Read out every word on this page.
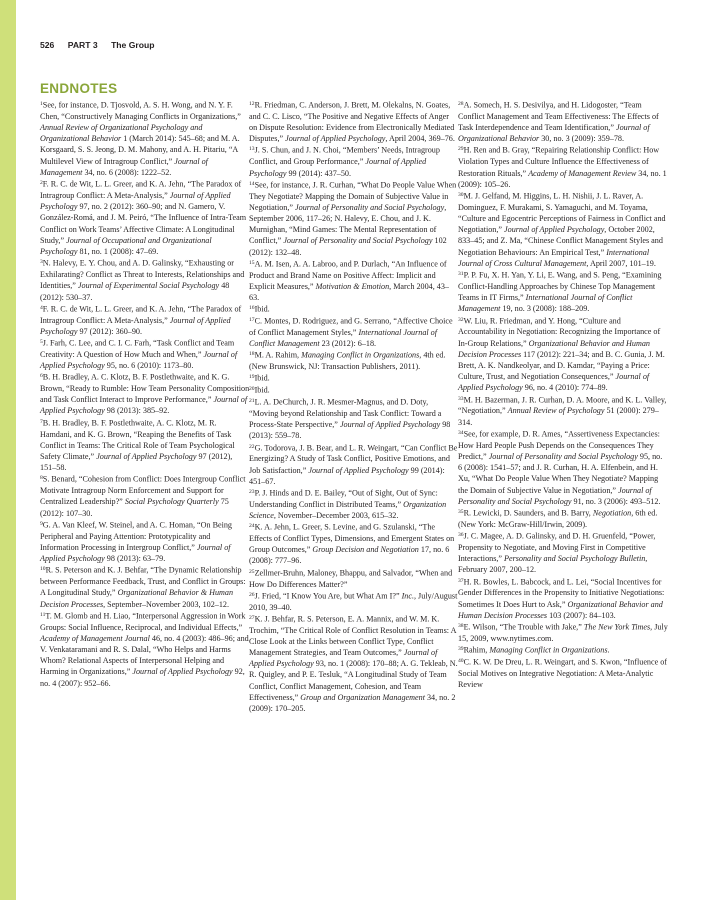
526 PART 3 The Group
ENDNOTES

$^1$See, for instance, D. Tjosvold, A. S. H. Wong, and N. Y. F. Chen, “Constructively Managing Conflicts in Organizations,” Annual Review of Organizational Psychology and Organizational Behavior 1 (March 2014): 545–68; and M. A. Korsgaard, S. S. Jeong, D. M. Mahony, and A. H. Pitariu, “A Multilevel View of Intragroup Conflict,” Journal of Management 34, no. 6 (2008): 1222–52.

$^2$F. R. C. de Wit, L. L. Greer, and K. A. Jehn, “The Paradox of Intragroup Conflict: A Meta-Analysis,” Journal of Applied Psychology 97, no. 2 (2012): 360–90; and N. Gamero, V. González-Romá, and J. M. Peiró, “The Influence of Intra-Team Conflict on Work Teams’ Affective Climate: A Longitudinal Study,” Journal of Occupational and Organizational Psychology 81, no. 1 (2008): 47–69.

$^3$N. Halevy, E. Y. Chou, and A. D. Galinsky, “Exhausting or Exhilarating? Conflict as Threat to Interests, Relationships and Identities,” Journal of Experimental Social Psychology 48 (2012): 530–37.

$^4$F. R. C. de Wit, L. L. Greer, and K. A. Jehn, “The Paradox of Intragroup Conflict: A Meta-Analysis,” Journal of Applied Psychology 97 (2012): 360–90.

$^5$J. Farh, C. Lee, and C. I. C. Farh, “Task Conflict and Team Creativity: A Question of How Much and When,” Journal of Applied Psychology 95, no. 6 (2010): 1173–80.

$^6$B. H. Bradley, A. C. Klotz, B. F. Postlethwaite, and K. G. Brown, “Ready to Rumble: How Team Personality Composition and Task Conflict Interact to Improve Performance,” Journal of Applied Psychology 98 (2013): 385–92.

$^7$B. H. Bradley, B. F. Postlethwaite, A. C. Klotz, M. R. Hamdani, and K. G. Brown, “Reaping the Benefits of Task Conflict in Teams: The Critical Role of Team Psychological Safety Climate,” Journal of Applied Psychology 97 (2012), 151–58.

$^8$S. Benard, “Cohesion from Conflict: Does Intergroup Conflict Motivate Intragroup Norm Enforcement and Support for Centralized Leadership?” Social Psychology Quarterly 75 (2012): 107–30.

$^9$G. A. Van Kleef, W. Steinel, and A. C. Homan, “On Being Peripheral and Paying Attention: Prototypicality and Information Processing in Intergroup Conflict,” Journal of Applied Psychology 98 (2013): 63–79.

$^{10}$R. S. Peterson and K. J. Behfar, “The Dynamic Relationship between Performance Feedback, Trust, and Conflict in Groups: A Longitudinal Study,” Organizational Behavior & Human Decision Processes, September–November 2003, 102–12.

$^{11}$T. M. Glomb and H. Liao, “Interpersonal Aggression in Work Groups: Social Influence, Reciprocal, and Individual Effects,” Academy of Management Journal 46, no. 4 (2003): 486–96; and V. Venkataramani and R. S. Dalal, “Who Helps and Harms Whom? Relational Aspects of Interpersonal Helping and Harming in Organizations,” Journal of Applied Psychology 92, no. 4 (2007): 952–66.

$^{12}$R. Friedman, C. Anderson, J. Brett, M. Olekalns, N. Goates, and C. C. Lisco, “The Positive and Negative Effects of Anger on Dispute Resolution: Evidence from Electronically Mediated Disputes,” Journal of Applied Psychology, April 2004, 369–76.

$^{13}$J. S. Chun, and J. N. Choi, “Members’ Needs, Intragroup Conflict, and Group Performance,” Journal of Applied Psychology 99 (2014): 437–50.

$^{14}$See, for instance, J. R. Curhan, “What Do People Value When They Negotiate? Mapping the Domain of Subjective Value in Negotiation,” Journal of Personality and Social Psychology, September 2006, 117–26; N. Halevy, E. Chou, and J. K. Murnighan, “Mind Games: The Mental Representation of Conflict,” Journal of Personality and Social Psychology 102 (2012): 132–48.

$^{15}$A. M. Isen, A. A. Labroo, and P. Durlach, “An Influence of Product and Brand Name on Positive Affect: Implicit and Explicit Measures,” Motivation & Emotion, March 2004, 43–63.

$^{16}$Ibid.

$^{17}$C. Montes, D. Rodriguez, and G. Serrano, “Affective Choice of Conflict Management Styles,” International Journal of Conflict Management 23 (2012): 6–18.

$^{18}$M. A. Rahim, Managing Conflict in Organizations, 4th ed. (New Brunswick, NJ: Transaction Publishers, 2011).

$^{19}$Ibid.

$^{20}$Ibid.

$^{21}$L. A. DeChurch, J. R. Mesmer-Magnus, and D. Doty, “Moving beyond Relationship and Task Conflict: Toward a Process-State Perspective,” Journal of Applied Psychology 98 (2013): 559–78.

$^{22}$G. Todorova, J. B. Bear, and L. R. Weingart, “Can Conflict Be Energizing? A Study of Task Conflict, Positive Emotions, and Job Satisfaction,” Journal of Applied Psychology 99 (2014): 451–67.

$^{23}$P. J. Hinds and D. E. Bailey, “Out of Sight, Out of Sync: Understanding Conflict in Distributed Teams,” Organization Science, November–December 2003, 615–32.

$^{24}$K. A. Jehn, L. Greer, S. Levine, and G. Szulanski, “The Effects of Conflict Types, Dimensions, and Emergent States on Group Outcomes,” Group Decision and Negotiation 17, no. 6 (2008): 777–96.

$^{25}$Zellmer-Bruhn, Maloney, Bhappu, and Salvador, “When and How Do Differences Matter?”

$^{26}$J. Fried, “I Know You Are, but What Am I?” Inc., July/August 2010, 39–40.

$^{27}$K. J. Behfar, R. S. Peterson, E. A. Mannix, and W. M. K. Trochim, “The Critical Role of Conflict Resolution in Teams: A Close Look at the Links between Conflict Type, Conflict Management Strategies, and Team Outcomes,” Journal of Applied Psychology 93, no. 1 (2008): 170–88; A. G. Tekleab, N. R. Quigley, and P. E. Tesluk, “A Longitudinal Study of Team Conflict, Conflict Management, Cohesion, and Team Effectiveness,” Group and Organization Management 34, no. 2 (2009): 170–205.

$^{28}$A. Somech, H. S. Desivilya, and H. Lidogoster, “Team Conflict Management and Team Effectiveness: The Effects of Task Interdependence and Team Identification,” Journal of Organizational Behavior 30, no. 3 (2009): 359–78.

$^{29}$H. Ren and B. Gray, “Repairing Relationship Conflict: How Violation Types and Culture Influence the Effectiveness of Restoration Rituals,” Academy of Management Review 34, no. 1 (2009): 105–26.

$^{30}$M. J. Gelfand, M. Higgins, L. H. Nishii, J. L. Raver, A. Dominguez, F. Murakami, S. Yamaguchi, and M. Toyama, “Culture and Egocentric Perceptions of Fairness in Conflict and Negotiation,” Journal of Applied Psychology, October 2002, 833–45; and Z. Ma, “Chinese Conflict Management Styles and Negotiation Behaviours: An Empirical Test,” International Journal of Cross Cultural Management, April 2007, 101–19.

$^{31}$P. P. Fu, X. H. Yan, Y. Li, E. Wang, and S. Peng, “Examining Conflict-Handling Approaches by Chinese Top Management Teams in IT Firms,” International Journal of Conflict Management 19, no. 3 (2008): 188–209.

$^{32}$W. Liu, R. Friedman, and Y. Hong, “Culture and Accountability in Negotiation: Recognizing the Importance of In-Group Relations,” Organizational Behavior and Human Decision Processes 117 (2012): 221–34; and B. C. Gunia, J. M. Brett, A. K. Nandkeolyar, and D. Kamdar, “Paying a Price: Culture, Trust, and Negotiation Consequences,” Journal of Applied Psychology 96, no. 4 (2010): 774–89.

$^{33}$M. H. Bazerman, J. R. Curhan, D. A. Moore, and K. L. Valley, “Negotiation,” Annual Review of Psychology 51 (2000): 279–314.

$^{34}$See, for example, D. R. Ames, “Assertiveness Expectancies: How Hard People Push Depends on the Consequences They Predict,” Journal of Personality and Social Psychology 95, no. 6 (2008): 1541–57; and J. R. Curhan, H. A. Elfenbein, and H. Xu, “What Do People Value When They Negotiate? Mapping the Domain of Subjective Value in Negotiation,” Journal of Personality and Social Psychology 91, no. 3 (2006): 493–512.

$^{35}$R. Lewicki, D. Saunders, and B. Barry, Negotiation, 6th ed. (New York: McGraw-Hill/Irwin, 2009).

$^{36}$J. C. Magee, A. D. Galinsky, and D. H. Gruenfeld, “Power, Propensity to Negotiate, and Moving First in Competitive Interactions,” Personality and Social Psychology Bulletin, February 2007, 200–12.

$^{37}$H. R. Bowles, L. Babcock, and L. Lei, “Social Incentives for Gender Differences in the Propensity to Initiative Negotiations: Sometimes It Does Hurt to Ask,” Organizational Behavior and Human Decision Processes 103 (2007): 84–103.

$^{38}$E. Wilson, “The Trouble with Jake,” The New York Times, July 15, 2009, www.nytimes.com.

$^{39}$Rahim, Managing Conflict in Organizations.

$^{40}$C. K. W. De Dreu, L. R. Weingart, and S. Kwon, “Influence of Social Motives on Integrative Negotiation: A Meta-Analytic Review
